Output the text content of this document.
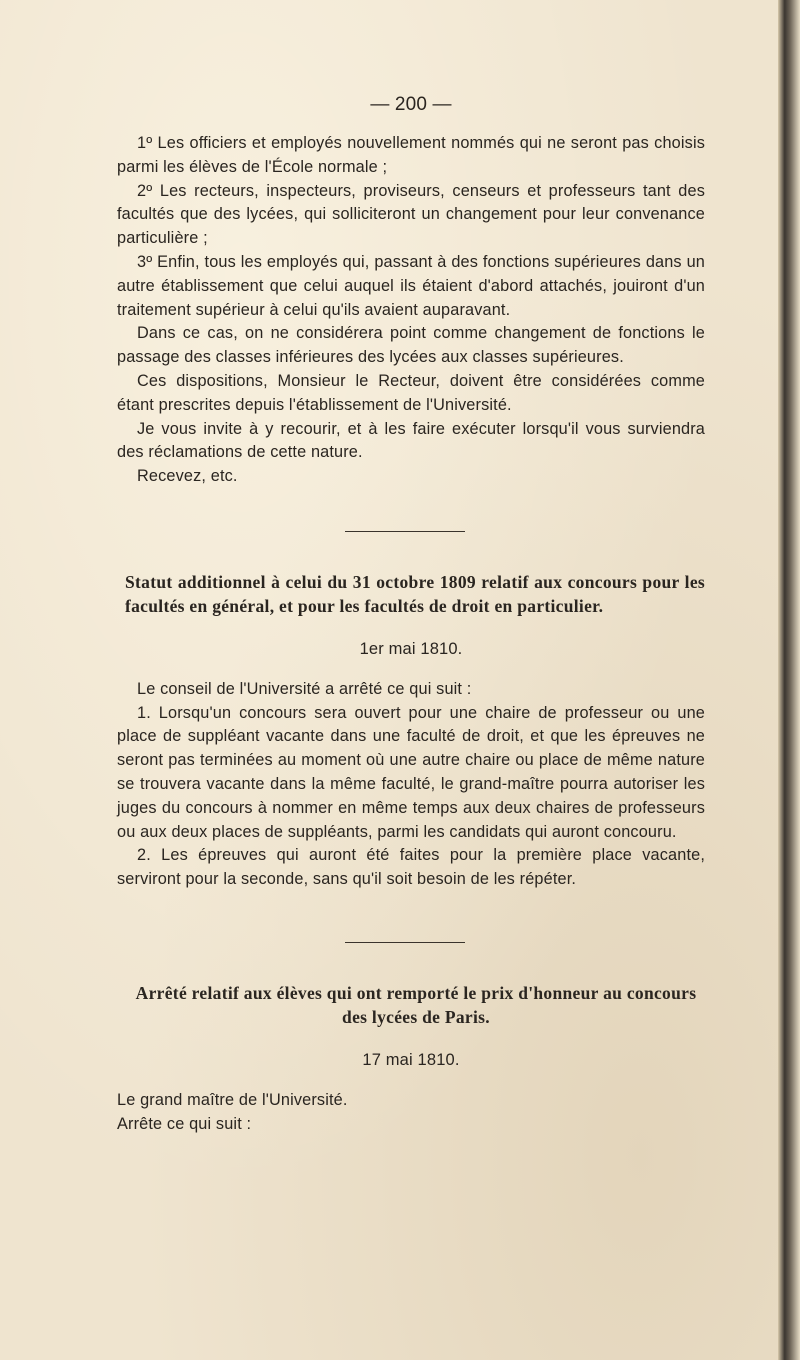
— 200 —

1º Les officiers et employés nouvellement nommés qui ne seront pas choisis parmi les élèves de l'École normale ;

2º Les recteurs, inspecteurs, proviseurs, censeurs et professeurs tant des facultés que des lycées, qui solliciteront un changement pour leur convenance particulière ;

3º Enfin, tous les employés qui, passant à des fonctions supérieures dans un autre établissement que celui auquel ils étaient d'abord attachés, jouiront d'un traitement supérieur à celui qu'ils avaient auparavant.

Dans ce cas, on ne considérera point comme changement de fonctions le passage des classes inférieures des lycées aux classes supérieures.

Ces dispositions, Monsieur le Recteur, doivent être considérées comme étant prescrites depuis l'établissement de l'Université.

Je vous invite à y recourir, et à les faire exécuter lorsqu'il vous surviendra des réclamations de cette nature.

Recevez, etc.

Statut additionnel à celui du 31 octobre 1809 relatif aux concours pour les facultés en général, et pour les facultés de droit en particulier.

1er mai 1810.

Le conseil de l'Université a arrêté ce qui suit :

1. Lorsqu'un concours sera ouvert pour une chaire de professeur ou une place de suppléant vacante dans une faculté de droit, et que les épreuves ne seront pas terminées au moment où une autre chaire ou place de même nature se trouvera vacante dans la même faculté, le grand-maître pourra autoriser les juges du concours à nommer en même temps aux deux chaires de professeurs ou aux deux places de suppléants, parmi les candidats qui auront concouru.

2. Les épreuves qui auront été faites pour la première place vacante, serviront pour la seconde, sans qu'il soit besoin de les répéter.

Arrêté relatif aux élèves qui ont remporté le prix d'honneur au concours des lycées de Paris.

17 mai 1810.

Le grand maître de l'Université.

Arrête ce qui suit :
